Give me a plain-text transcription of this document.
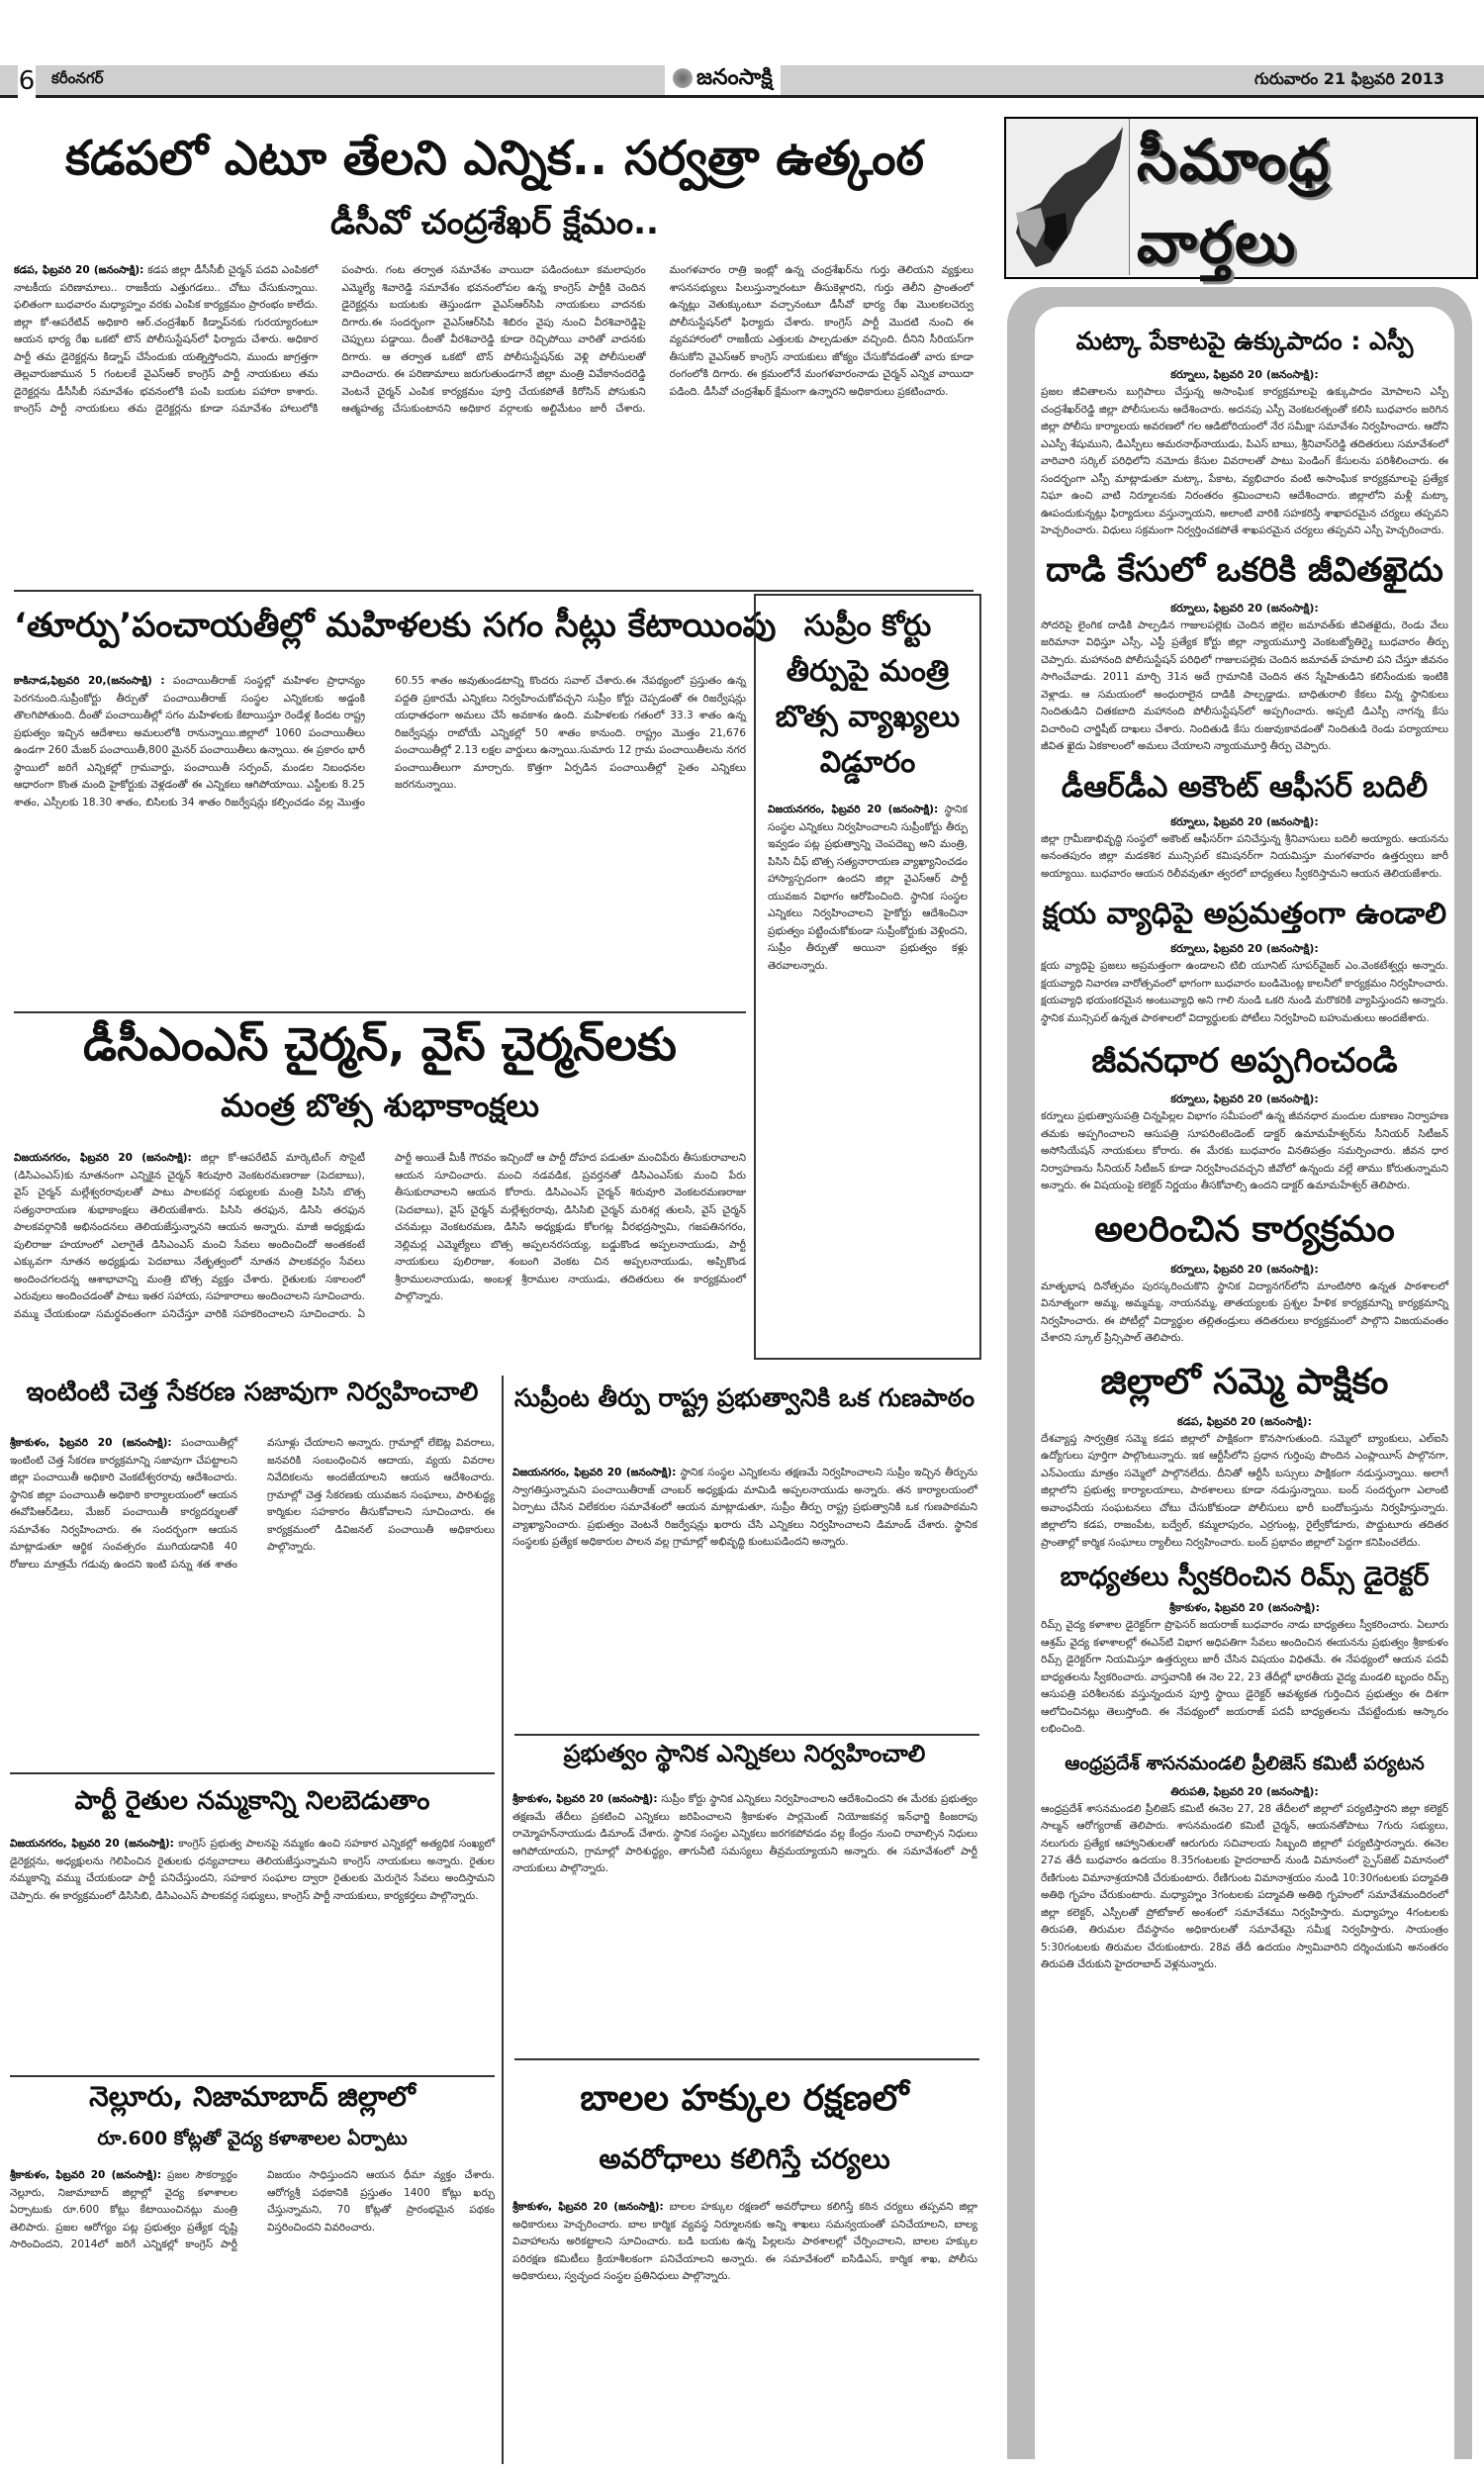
6 కరీంనగర్	జనంసాక్షి	గురువారం 21 ఫిబ్రవరి 2013
కడపలో ఎటూ తేలని ఎన్నిక.. సర్వత్రా ఉత్కంఠ
డీసీవో చంద్రశేఖర్‌ క్షేమం..
కడప, ఫిబ్రవరి 20 (జనంసాక్షి): కడప జిల్లా డీసీసీబీ చైర్మన్‌ పదవి ఎంపికలో నాటకీయ పరిణామాలు.. రాజకీయ ఎత్తుగడలు.. చోటు చేసుకున్నాయి. ఫలితంగా బుధవారం మధ్యాహ్నం వరకు ఎంపిక కార్యక్రమం ప్రారంభం కాలేదు. జిల్లా కో-ఆపరేటివ్‌ అధికారి ఆర్‌.చంద్రశేఖర్‌ కిడ్నాప్‌నకు గురయ్యారంటూ ఆయన భార్య రేఖ ఒకటో టౌన్‌ పోలీసుస్టేషన్‌లో ఫిర్యాదు చేశారు. అధికార పార్టీ తమ డైరెక్టర్లను కిడ్నాప్‌ చేసేందుకు యత్నిస్తోందని, ముందు జాగ్రత్తగా తెల్లవారుజామున 5 గంటలకే వైఎస్‌ఆర్‌ కాంగ్రెస్‌ పార్టీ నాయకులు తమ డైరెక్టర్లను డీసీసీబీ సమావేశం భవనంలోకి పంపి బయట పహారా కాశారు. కాంగ్రెస్‌ పార్టీ నాయకులు తమ డైరెక్టర్లను కూడా సమావేశం హాలులోకి పంపారు. గంట తర్వాత సమావేశం వాయిదా పడిందంటూ కమలాపురం ఎమ్మెల్యే శివారెడ్డి సమావేశం భవనంలోపల ఉన్న కాంగ్రెస్‌ పార్టీకి చెందిన డైరెక్టర్లను బయటకు తెస్తుండగా వైఎస్‌ఆర్‌సిపి నాయకులు వాదనకు దిగారు.ఈ సందర్భంగా వైఎస్‌ఆర్‌సిపి శిబిరం వైపు నుంచి వీరశివారెడ్డిపై చెప్పులు పడ్డాయి. దీంతో వీరశివారెడ్డి కూడా రెచ్చిపోయి వారితో వాదనకు దిగారు. ఆ తర్వాత ఒకటో టౌన్‌ పోలీసుస్టేషన్‌కు వెళ్లి పోలీసులతో వాదించారు. ఈ పరిణామాలు జరుగుతుండగానే జిల్లా మంత్రి వివేకానందరెడ్డి వెంటనే చైర్మన్‌ ఎంపిక కార్యక్రమం పూర్తి చేయకపోతే కిరోసిన్‌ పోసుకుని ఆత్మహత్య చేసుకుంటానని అధికార వర్గాలకు అల్టిమేటం జారీ చేశారు. మంగళవారం రాత్రి ఇంట్లో ఉన్న చంద్రశేఖర్‌ను గుర్తు తెలియని వ్యక్తులు శాసనసభ్యులు పిలుస్తున్నారంటూ తీసుకెళ్లారని, గుర్తు తెలీని ప్రాంతంలో ఉన్నట్లు వెతుక్కుంటూ వచ్చానంటూ డీసీవో భార్య రేఖ మొలకలచెర్వు పోలీసుస్టేషన్‌లో ఫిర్యాదు చేశారు. కాంగ్రెస్‌ పార్టీ మొదటి నుంచి ఈ వ్యవహారంలో రాజకీయ ఎత్తులకు పాల్పడుతూ వచ్చింది. దీనిని సీరియస్‌గా తీసుకోని వైఎస్‌ఆర్‌ కాంగ్రెస్‌ నాయకులు జోక్యం చేసుకోవడంతో వారు కూడా రంగంలోకి దిగారు. ఈ క్రమంలోనే మంగళవారంనాడు చైర్మన్‌ ఎన్నిక వాయిదా పడింది. డీసీవో చంద్రశేఖర్‌ క్షేమంగా ఉన్నారని అధికారులు ప్రకటించారు.
‘తూర్పు’పంచాయతీల్లో మహిళలకు సగం సీట్లు కేటాయింపు
కాకినాడ,ఫిబ్రవరి 20,(జనంసాక్షి) : పంచాయితీరాజ్‌ సంస్థల్లో మహిళల ప్రాధాన్యం పెరగనుంది.సుప్రీంకోర్టు తీర్పుతో పంచాయితీరాజ్‌ సంస్థల ఎన్నికలకు అడ్డంకి తొలగిపోతుంది. దీంతో పంచాయితీల్లో సగం మహిళలకు కేటాయిస్తూ రెండేళ్ల కిందట రాష్ట్ర ప్రభుత్వం ఇచ్చిన ఆదేశాలు అమలులోకి రానున్నాయి.జిల్లాలో 1060 పంచాయితీలు ఉండగా 260 మేజర్‌ పంచాయితీ,800 మైనర్‌ పంచాయితీలు ఉన్నాయి. ఈ ప్రకారం భారీ స్థాయిలో జరిగే ఎన్నికల్లో గ్రామవార్డు, పంచాయితీ సర్పంచ్‌, మండల నిబంధనల ఆధారంగా కొంత మంది హైకోర్టుకు వెళ్లడంతో ఈ ఎన్నికలు ఆగిపోయాయి. ఎస్టీలకు 8.25 శాతం, ఎస్సీలకు 18.30 శాతం, బిసిలకు 34 శాతం రిజర్వేషన్లు కల్పించడం వల్ల మొత్తం 60.55 శాతం అవుతుండటాన్ని కొందరు సవాల్‌ చేశారు.ఈ నేపథ్యంలో ప్రస్తుతం ఉన్న పద్దతి ప్రకారమే ఎన్నికలు నిర్వహించుకోవచ్చని సుప్రీం కోర్టు చెప్పడంతో ఈ రిజర్వేషన్లు యధాతధంగా అమలు చేసే అవకాశం ఉంది. మహిళలకు గతంలో 33.3 శాతం ఉన్న రిజర్వేషన్లు రాబోయే ఎన్నికల్లో 50 శాతం కానుంది. రాష్ట్రం మొత్తం 21,676 పంచాయితీల్లో 2.13 లక్షల వార్డులు ఉన్నాయి.సుమారు 12 గ్రామ పంచాయితీలను నగర పంచాయితీలుగా మార్చారు. కొత్తగా ఏర్పడిన పంచాయితీల్లో సైతం ఎన్నికలు జరగనున్నాయి.
సుప్రీం కోర్టు తీర్పుపై మంత్రి బొత్స వ్యాఖ్యలు విడ్డూరం
విజయనగరం, ఫిబ్రవరి 20 (జనంసాక్షి): స్థానిక సంస్థల ఎన్నికలు నిర్వహించాలని సుప్రీంకోర్టు తీర్పు ఇవ్వడం పట్ల ప్రభుత్వాన్ని చెంపదెబ్బ అని మంత్రి, పిసిసి చీఫ్‌ బొత్స సత్యనారాయణ వ్యాఖ్యానించడం హాస్యాస్పదంగా ఉందని జిల్లా వైఎస్‌ఆర్‌ పార్టీ యువజన విభాగం ఆరోపించింది. స్థానిక సంస్థల ఎన్నికలు నిర్వహించాలని హైకోర్టు ఆదేశించినా ప్రభుత్వం పట్టించుకోకుండా సుప్రీంకోర్టుకు వెళ్లిందని, సుప్రీం తీర్పుతో అయినా ప్రభుత్వం కళ్లు తెరవాలన్నారు.
డీసీఎంఎస్‌ చైర్మన్‌, వైస్‌ చైర్మన్‌లకు
మంత్ర బొత్స శుభాకాంక్షలు
విజయనగరం, ఫిబ్రవరి 20 (జనంసాక్షి): జిల్లా కో-ఆపరేటివ్‌ మార్కెటింగ్‌ సొసైటీ (డిసిఎంఎస్‌)కు నూతనంగా ఎన్నికైన చైర్మన్‌ శిరువూరి వెంకటరమణరాజు (పెదబాబు), వైస్‌ చైర్మన్‌ మల్లేశ్వరరావులతో పాటు పాలకవర్గ సభ్యులకు మంత్రి పిసిసి బొత్స సత్యనారాయణ శుభాకాంక్షలు తెలియజేశారు. పిసిసి తరఫున, డిసిసి తరఫున పాలకవర్గానికి అభినందనలు తెలియజేస్తున్నానని ఆయన అన్నారు. మాజీ అధ్యక్షుడు పులిరాజు హయాంలో ఎలాగైతే డిసిఎంఎస్‌ మంచి సేవలు అందించిందో అంతకంటే ఎక్కువగా నూతన అధ్యక్షుడు పెదబాబు నేతృత్వంలో నూతన పాలకవర్గం సేవలు అందించగలదన్న ఆశాభావాన్ని మంత్రి బొత్స వ్యక్తం చేశారు. రైతులకు సకాలంలో ఎరువులు అందించడంతో పాటు ఇతర సహాయ, సహకారాలు అందించాలని సూచించారు. వమ్ము చేయకుండా సమర్థవంతంగా పనిచేస్తూ వారికి సహకరించాలని సూచించారు. ఏ పార్టీ అయితే మీకీ గౌరవం ఇచ్చిందో ఆ పార్టీ దోహద పడుతూ మంచిపేరు తీసుకురావాలని ఆయన సూచించారు. మంచి నడవడిక, ప్రవర్తనతో డిసిఎంఎస్‌కు మంచి పేరు తీసుకురావాలని ఆయన కోరారు. డిసిఎంఎస్‌ చైర్మన్‌ శిరువూరి వెంకటరమణరాజు (పెదబాబు), వైస్‌ చైర్మన్‌ మల్లేశ్వరరావు, డిసిసిబి చైర్మన్‌ మరిశర్ల తులసి, వైస్‌ చైర్మన్‌ చనమల్లు వెంకటరమణ, డిసిసి అధ్యక్షుడు కోలగట్ల వీరభద్రస్వామి, గజపతినగరం, నెల్లిమర్ల ఎమ్మెల్యేలు బొత్స అప్పలనరసయ్య, బడ్డుకొండ అప్పలనాయుడు, పార్టీ నాయకులు పులిరాజు, శంబంగి వెంకట చిన అప్పలనాయుడు, అప్పికొండ శ్రీరాములనాయుడు, అంబళ్ల శ్రీరాముల నాయుడు, తదితరులు ఈ కార్యక్రమంలో పాల్గొన్నారు.
ఇంటింటి చెత్త సేకరణ సజావుగా నిర్వహించాలి
శ్రీకాకుళం, ఫిబ్రవరి 20 (జనంసాక్షి): పంచాయితీల్లో ఇంటింటి చెత్త సేకరణ కార్యక్రమాన్ని సజావుగా చేపట్టాలని జిల్లా పంచాయితీ అధికారి వెంకటేశ్వరరావు ఆదేశించారు. స్థానిక జిల్లా పంచాయితీ అధికారి కార్యాలయంలో ఆయన ఈవోపిఆర్‌డిలు, మేజర్‌ పంచాయితీ కార్యదర్శులతో సమావేశం నిర్వహించారు. ఈ సందర్భంగా ఆయన మాట్లాడుతూ ఆర్థిక సంవత్సరం ముగియడానికి 40 రోజులు మాత్రమే గడువు ఉందని ఇంటి పన్ను శత శాతం వసూళ్లు చేయాలని అన్నారు. గ్రామాల్లో లేఔట్ల వివరాలు, జనవరికి సంబంధించిన ఆదాయ, వ్యయ వివరాల నివేదికలను అందజేయాలని ఆయన ఆదేశించారు. గ్రామాల్లో చెత్త సేకరణకు యువజన సంఘాలు, పారిశుద్ధ్య కార్మికుల సహకారం తీసుకోవాలని సూచించారు. ఈ కార్యక్రమంలో డివిజనల్‌ పంచాయితీ అధికారులు పాల్గొన్నారు.
పార్టీ రైతుల నమ్మకాన్ని నిలబెడుతాం
విజయనగరం, ఫిబ్రవరి 20 (జనంసాక్షి): కాంగ్రెస్‌ ప్రభుత్వ పాలనపై నమ్మకం ఉంచి సహకార ఎన్నికల్లో అత్యధిక సంఖ్యలో డైరెక్టర్లను, అధ్యక్షులను గెలిపించిన రైతులకు ధన్యవాదాలు తెలియజేస్తున్నామని కాంగ్రెస్‌ నాయకులు అన్నారు. రైతుల నమ్మకాన్ని వమ్ము చేయకుండా పార్టీ పనిచేస్తుందని, సహకార సంఘాల ద్వారా రైతులకు మెరుగైన సేవలు అందిస్తామని చెప్పారు. ఈ కార్యక్రమంలో డిసిసిబి, డిసిఎంఎస్‌ పాలకవర్గ సభ్యులు, కాంగ్రెస్‌ పార్టీ నాయకులు, కార్యకర్తలు పాల్గొన్నారు.
నెల్లూరు, నిజామాబాద్‌ జిల్లాలో
రూ.600 కోట్లతో వైద్య కళాశాలల ఏర్పాటు
శ్రీకాకుళం, ఫిబ్రవరి 20 (జనంసాక్షి): ప్రజల సౌకర్యార్థం నెల్లూరు, నిజామాబాద్‌ జిల్లాల్లో వైద్య కళాశాలల ఏర్పాటుకు రూ.600 కోట్లు కేటాయించినట్లు మంత్రి తెలిపారు. ప్రజల ఆరోగ్యం పట్ల ప్రభుత్వం ప్రత్యేక దృష్టి సారించిందని, 2014లో జరిగే ఎన్నికల్లో కాంగ్రెస్‌ పార్టీ విజయం సాధిస్తుందని ఆయన ధీమా వ్యక్తం చేశారు. ఆరోగ్యశ్రీ పథకానికి ప్రస్తుతం 1400 కోట్లు ఖర్చు చేస్తున్నామని, 70 కోట్లతో ప్రారంభమైన పథకం విస్తరించిందని వివరించారు.
సుప్రీంట తీర్పు రాష్ట్ర ప్రభుత్వానికి ఒక గుణపాఠం
విజయనగరం, ఫిబ్రవరి 20 (జనంసాక్షి): స్థానిక సంస్థల ఎన్నికలను తక్షణమే నిర్వహించాలని సుప్రీం ఇచ్చిన తీర్పును స్వాగతిస్తున్నామని పంచాయితీరాజ్‌ చాంబర్‌ అధ్యక్షుడు మామిడి అప్పలనాయుడు అన్నారు. తన కార్యాలయంలో ఏర్పాటు చేసిన విలేకరుల సమావేశంలో ఆయన మాట్లాడుతూ, సుప్రీం తీర్పు రాష్ట్ర ప్రభుత్వానికి ఒక గుణపాఠమని వ్యాఖ్యానించారు. ప్రభుత్వం వెంటనే రిజర్వేషన్లు ఖరారు చేసి ఎన్నికలు నిర్వహించాలని డిమాండ్‌ చేశారు. స్థానిక సంస్థలకు ప్రత్యేక అధికారుల పాలన వల్ల గ్రామాల్లో అభివృద్ధి కుంటుపడిందని అన్నారు.
ప్రభుత్వం స్థానిక ఎన్నికలు నిర్వహించాలి
శ్రీకాకుళం, ఫిబ్రవరి 20 (జనంసాక్షి): సుప్రీం కోర్టు స్థానిక ఎన్నికలు నిర్వహించాలని ఆదేశించిందని ఈ మేరకు ప్రభుత్వం తక్షణమే తేదీలు ప్రకటించి ఎన్నికలు జరిపించాలని శ్రీకాకుళం పార్లమెంట్‌ నియోజకవర్గ ఇన్‌ఛార్జి కింజరాపు రామ్మోహన్‌నాయుడు డిమాండ్‌ చేశారు. స్థానిక సంస్థల ఎన్నికలు జరగకపోవడం వల్ల కేంద్రం నుంచి రావాల్సిన నిధులు ఆగిపోయాయని, గ్రామాల్లో పారిశుద్ధ్యం, తాగునీటి సమస్యలు తీవ్రమయ్యాయని అన్నారు. ఈ సమావేశంలో పార్టీ నాయకులు పాల్గొన్నారు.
బాలల హక్కుల రక్షణలో
అవరోధాలు కలిగిస్తే చర్యలు
శ్రీకాకుళం, ఫిబ్రవరి 20 (జనంసాక్షి): బాలల హక్కుల రక్షణలో అవరోధాలు కలిగిస్తే కఠిన చర్యలు తప్పవని జిల్లా అధికారులు హెచ్చరించారు. బాల కార్మిక వ్యవస్థ నిర్మూలనకు అన్ని శాఖలు సమన్వయంతో పనిచేయాలని, బాల్య వివాహాలను అరికట్టాలని సూచించారు. బడి బయట ఉన్న పిల్లలను పాఠశాలల్లో చేర్పించాలని, బాలల హక్కుల పరిరక్షణ కమిటీలు క్రియాశీలకంగా పనిచేయాలని అన్నారు. ఈ సమావేశంలో ఐసిడిఎస్‌, కార్మిక శాఖ, పోలీసు అధికారులు, స్వచ్ఛంద సంస్థల ప్రతినిధులు పాల్గొన్నారు.
సీమాంధ్ర వార్తలు
మట్కా పేకాటపై ఉక్కుపాదం : ఎస్పీ
కర్నూలు, ఫిబ్రవరి 20 (జనంసాక్షి):
ప్రజల జీవితాలను బుగ్గిపాలు చేస్తున్న అసాంఘిక కార్యక్రమాలపై ఉక్కుపాదం మోపాలని ఎస్పీ చంద్రశేఖర్‌రెడ్డి జిల్లా పోలీసులను ఆదేశించారు. అదనపు ఎస్పీ వెంకటరత్నంతో కలిసి బుధవారం జరిగిన జిల్లా పోలీసు కార్యాలయ అవరణలో గల ఆడిటోరియంలో నేర సమీక్షా సమావేశం నిర్వహించారు. ఆదోని ఎఎస్పీ శేషుముని, డిఎస్పీలు అమరనాథ్‌నాయుడు, పిఎస్‌ బాబు, శ్రీనివాస్‌రెడ్డి తదితరులు సమావేశంలో వారివారి సర్కిల్‌ పరిధిలోని నమోదు కేసుల వివరాలతో పాటు పెండింగ్‌ కేసులను పరిశీలించారు. ఈ సందర్భంగా ఎస్పీ మాట్లాడుతూ మట్కా, పేకాట, వ్యభిచారం వంటి అసాంఘిక కార్యక్రమాలపై ప్రత్యేక నిఘా ఉంచి వాటి నిర్మూలనకు నిరంతరం శ్రమించాలని ఆదేశించారు. జిల్లాలోని మళ్లీ మట్కా ఊపందుకున్నట్లు ఫిర్యాదులు వస్తున్నాయని, అలాంటి వారికి సహకరిస్తే శాఖాపరమైన చర్యలు తప్పవని హెచ్చరించారు. విధులు సక్రమంగా నిర్వర్తించకపోతే శాఖపరమైన చర్యలు తప్పవని ఎస్పీ హెచ్చరించారు.
దాడి కేసులో ఒకరికి జీవితఖైదు
కర్నూలు, ఫిబ్రవరి 20 (జనంసాక్షి):
సోదరిపై లైంగిక దాడికి పాల్పడిన గాజులపల్లెకు చెందిన జిల్లెల జమావత్‌కు జీవితఖైదు, రెండు వేలు జరిమానా విధిస్తూ ఎస్సీ, ఎస్టీ ప్రత్యేక కోర్టు జిల్లా న్యాయమూర్తి వెంకటజ్యోతిర్మై బుధవారం తీర్పు చెప్పారు. మహానంది పోలీసుస్టేషన్‌ పరిధిలో గాజులపల్లెకు చెందిన జమావత్‌ హమాలి పని చేస్తూ జీవనం సాగించేవాడు. 2011 మార్చి 31న అదే గ్రామానికి చెందిన తన స్నేహితుడిని కలిసేందుకు ఇంటికి వెళ్లాడు. ఆ సమయంలో అంధురాలైన దాడికి పాల్పడ్డాడు. బాధితురాలి కేకలు విన్న స్థానికులు నిందితుడిని చితకబాది మహానంది పోలీసుస్టేషన్‌లో అప్పగించారు. అప్పటి డిఎస్పీ నాగన్న కేసు విచారించి చార్జిషీట్‌ దాఖలు చేశారు. నిందితుడి కేసు రుజువుకావడంతో నిందితుడి రెండు పర్యాయాలు జీవిత ఖైదు ఏకకాలంలో అమలు చేయాలని న్యాయమూర్తి తీర్పు చెప్పారు.
డీఆర్‌డీఎ అకౌంట్‌ ఆఫీసర్‌ బదిలీ
కర్నూలు, ఫిబ్రవరి 20 (జనంసాక్షి):
జిల్లా గ్రామీణాభివృద్ధి సంస్థలో అకౌంట్‌ ఆఫీసర్‌గా పనిచేస్తున్న శ్రీనివాసులు బదిలీ అయ్యారు. ఆయనను అనంతపురం జిల్లా మడకశిర మున్సిపల్‌ కమిషనర్‌గా నియమిస్తూ మంగళవారం ఉత్తర్వులు జారీ అయ్యాయి. బుధవారం ఆయన రిలీవవుతూ త్వరలో బాధ్యతలు స్వీకరిస్తామని ఆయన తెలియజేశారు.
క్షయ వ్యాధిపై అప్రమత్తంగా ఉండాలి
కర్నూలు, ఫిబ్రవరి 20 (జనంసాక్షి):
క్షయ వ్యాధిపై ప్రజలు అప్రమత్తంగా ఉండాలని టిబి యూనిట్‌ సూపర్‌వైజర్‌ ఎం.వెంకటేశ్వర్లు అన్నారు. క్షయవ్యాధి నివారణ వారోత్సవంలో భాగంగా బుధవారం బండిమెంట్ల కాలనీలో కార్యక్రమం నిర్వహించారు. క్షయవ్యాధి భయంకరమైన అంటువ్యాధి అని గాలి నుండి ఒకరి నుండి మరొకరికి వ్యాపిస్తుందని అన్నారు. స్థానిక మున్సిపల్‌ ఉన్నత పాఠశాలలో విద్యార్థులకు పోటీలు నిర్వహించి బహుమతులు అందజేశారు.
జీవనధార అప్పగించండి
కర్నూలు, ఫిబ్రవరి 20 (జనంసాక్షి):
కర్నూలు ప్రభుత్వాసుపత్రి చిన్నపిల్లల విభాగం సమీపంలో ఉన్న జీవనధార మందుల దుకాణం నిర్వాహణ తమకు అప్పగించాలని ఆసుపత్రి సూపరింటెండెంట్‌ డాక్టర్‌ ఉమామహేశ్వర్‌ను సీనియర్‌ సిటీజన్‌ అసోసియేషన్‌ నాయకులు కోరారు. ఈ మేరకు బుధవారం వినతిపత్రం సమర్పించారు. జీవన ధార నిర్వాహణను సీనియర్‌ సిటీజన్‌ కూడా నిర్వహించవచ్చని జీవోలో ఉన్నందు వల్లే తాము కోరుతున్నామని అన్నారు. ఈ విషయంపై కలెక్టర్‌ నిర్ణయం తీసకోవాల్సి ఉందని డాక్టర్‌ ఉమామహేశ్వర్‌ తెలిపారు.
అలరించిన కార్యక్రమం
కర్నూలు, ఫిబ్రవరి 20 (జనంసాక్షి):
మాతృభాష దినోత్సవం పురస్కరించుకొని స్థానిక విద్యానగర్‌లోని మాంటిసోరి ఉన్నత పాఠశాలలో వినూత్నంగా అమ్మ, అమ్మమ్మ, నాయనమ్మ, తాతయ్యలకు ప్రశ్నల హేళిక కార్యక్రమాన్ని కార్యక్రమాన్ని నిర్వహించారు. ఈ పోటీల్లో విద్యార్థుల తల్లితండ్రులు తదితరులు కార్యక్రమంలో పాల్గొని విజయవంతం చేశారని స్కూల్‌ ప్రిన్సిపాల్‌ తెలిపారు.
జిల్లాలో సమ్మె పాక్షికం
కడప, ఫిబ్రవరి 20 (జనంసాక్షి):
దేశవ్యాప్త సార్వత్రిక సమ్మె కడప జిల్లాలో పాక్షికంగా కొనసాగుతుంది. సమ్మెలో బ్యాంకులు, ఎల్‌ఐసి ఉద్యోగులు పూర్తిగా పాల్గొంటున్నారు. ఇక ఆర్టీసీలోని ప్రధాన గుర్తింపు పొందిన ఎంప్లాయీస్‌ పాల్గొనగా, ఎన్‌ఎంయు మాత్రం సమ్మెలో పాల్గొనలేదు. దీనితో ఆర్టీసీ బస్సులు పాక్షికంగా నడుస్తున్నాయి. అలాగే జిల్లాలోని ప్రభుత్వ కార్యాలయాలు, పాఠశాలలు కూడా నడుస్తున్నాయి. బంద్‌ సందర్భంగా ఎలాంటి అవాంఛనీయ సంఘటనలు చోటు చేసుకోకుండా పోలీసులు భారీ బందోబస్తును నిర్వహిస్తున్నారు. జిల్లాలోని కడప, రాజంపేట, బద్వేల్‌, కమ్మలాపురం, ఎర్రగుంట్ల, రైల్వేకోడూరు, పొద్దుటూరు తదితర ప్రాంతాల్లో కార్మిక సంఘాలు ర్యాలీలు నిర్వహించారు. బంద్‌ ప్రభావం జిల్లాలో పెద్దగా కనిపించలేదు.
బాధ్యతలు స్వీకరించిన రిమ్స్‌ డైరెక్టర్‌
శ్రీకాకుళం, ఫిబ్రవరి 20 (జనంసాక్షి):
రిమ్స్‌ వైద్య కళాశాల డైరెక్టర్‌గా ప్రొఫెసర్‌ జయరాజ్‌ బుధవారం నాడు బాధ్యతలు స్వీకరించారు. ఏలూరు ఆశ్రమ్‌ వైద్య కళాశాలల్లో ఈఎన్‌టి విభాగ అధిపతిగా సేవలు అందించిన ఈయనను ప్రభుత్వం శ్రీకాకుళం రిమ్స్‌ డైరెక్టర్‌గా నియమిస్తూ ఉత్తర్వులు జారీ చేసిన విషయం విధితమే. ఈ నేపథ్యంలో ఆయన పదవీ బాధ్యతలను స్వీకరించారు. వాస్తవానికి ఈ నెల 22, 23 తేదీల్లో భారతీయ వైద్య మండలి బృందం రిమ్స్‌ ఆసుపత్రి పరిశీలనకు వస్తున్నందున పూర్తి స్థాయి డైరెక్టర్‌ ఆవశ్యకత గుర్తించిన ప్రభుత్వం ఈ దిశగా ఆలోచించినట్లు తెలుస్తోంది. ఈ నేపథ్యంలో జయరాజ్‌ పదవీ బాధ్యతలను చేపట్టేందుకు ఆస్కారం లభించింది.
ఆంధ్రప్రదేశ్‌ శాసనమండలి ప్రీలిజెస్‌ కమిటీ పర్యటన
తిరుపతి, ఫిబ్రవరి 20 (జనంసాక్షి):
ఆంధ్రప్రదేశ్‌ శాసనమండలి ప్రీలిజెస్‌ కమిటీ ఈనెల 27, 28 తేదీలలో జిల్లాలో పర్యటిస్తారని జిల్లా కలెక్టర్‌ సాల్మన్‌ ఆరోగ్యరాజ్‌ తెలిపారు. శాసనమండలి కమిటీ చైర్మన్‌, ఆయనతోపాటు 7గురు సభ్యులు, నలుగురు ప్రత్యేక ఆహ్వానితులతో ఆరుగురు సచివాలయ సిబ్బంది జిల్లాలో పర్యటిస్తారన్నారు. ఈనెల 27వ తేదీ బుధవారం ఉదయం 8.35గంటలకు హైదరాబాద్‌ నుండి విమానంలో స్పైస్‌జెట్‌ విమానంలో రేణిగుంట విమానాశ్రయానికి చేరుకుంటారు. రేణిగుంట విమానాశ్రయం నుండి 10:30గంటలకు పద్మావతి అతిథి గృహం చేరుకుంటారు. మధ్యాహ్నం 3గంటలకు పద్మావతి అతిథి గృహంలో సమావేశమందిరంలో జిల్లా కలెక్టర్‌, ఎస్పీలతో ప్రోటోకాల్‌ అంశంలో సమావేశము నిర్వహిస్తారు. మధ్యాహ్నం 4గంటలకు తిరుపతి, తిరుమల దేవస్థానం అధికారులతో సమావేశమై సమీక్ష నిర్వహిస్తారు. సాయంత్రం 5:30గంటలకు తిరుమల చేరుకుంటారు. 28వ తేదీ ఉదయం స్వామివారిని దర్శించుకుని అనంతరం తిరుపతి చేరుకుని హైదరాబాద్‌ వెళ్లనున్నారు.
